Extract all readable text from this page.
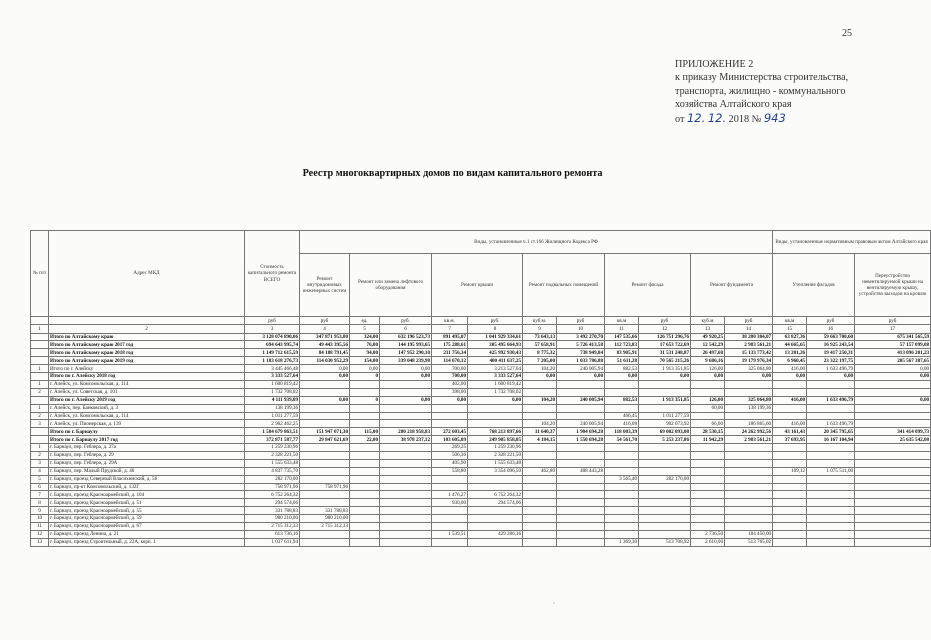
25
ПРИЛОЖЕНИЕ 2
к приказу Министерства строительства,
транспорта, жилищно - коммунального
хозяйства Алтайского края
от 12. 12. 2018 № 943
Реестр многоквартирных домов по видам капитального ремонта
№ п/п	Адрес МКД	Стоимость капитального ремонта ВСЕГО	Виды, установленные ч.1 ст.166 Жилищного Кодекса РФ											Виды, установленные нормативным правовым актом Алтайского края		
			Ремонт внутридомовых инженерных систем	Ремонт или замена лифтового оборудования		Ремонт крыши		Ремонт подвальных помещений		Ремонт фасада		Ремонт фундамента		Утепление фасадов		Переустройство невентилируемой крыши на вентилируемую крышу, устройство выходов на кровлю
		руб	руб	ед.	руб.	кв.м.	руб.	куб.м.	руб	кв.м	руб	куб.м	руб	кв.м	руб	руб
1	2	3	4	5	6	7	8	9	10	11	12	13	14	15	16	17
	Итого по Алтайскому краю	3 128 074 890,06	347 871 953,80	324,00	632 196 523,73	891 495,07	1 041 929 334,61	73 643,13	3 492 270,70	147 535,66	126 751 296,76	49 920,25	38 280 304,07	63 827,36	59 663 700,60	675 341 565,59
	Итого по Алтайскому краю 2017 год	694 643 995,74	49 443 395,56	76,00	144 195 993,65	175 288,61	305 495 664,93	57 658,91	5 726 413,58	112 723,83	17 653 722,69	12 542,29	2 983 561,21	44 665,65	16 925 243,54	57 157 099,08
	Итого по Алтайскому краю 2018 год	1 149 712 615,59	84 188 791,45	94,00	147 952 290,10	211 756,34	425 992 930,43	8 775,32	738 949,84	83 905,91	31 531 248,87	26 497,68	15 133 773,42	13 201,26	19 417 250,31	413 096 201,23
	Итого по Алтайскому краю 2019 год	1 183 618 276,73	114 030 952,29	154,00	339 048 239,98	114 670,12	400 411 637,25	7 205,00	1 033 786,88	51 611,28	70 565 215,26	9 686,16	19 179 976,34	6 960,45	23 322 197,75	205 567 387,65
1	Итого по г. Алейску	3 445 466,48	0,00	0,00	0,00	700,00	3 213 527,64	104,20	240 005,94	882,53	1 913 351,85	126,00	325 064,80	416,00	1 633 496,79	0,00
	Итого по г. Алейску 2018 год	3 333 527,64	0,00	0	0,00	700,00	3 333 527,64	0,00	0,00	0,00	0,00	0,00	0,00	0,00	0,00	0,00
1	г. Алейск, ул. Комсомольская, д. 114	1 600 819,42				402,00	1 600 819,42									
2	г. Алейск, ул. Советская, д. 101	1 732 708,02				398,00	1 732 708,02									
	Итого по г. Алейску 2019 год	4 111 939,09	0,00	0	0,00	0,00	0,00	104,20	240 005,94	882,53	1 913 351,85	126,00	325 064,80	416,00	1 633 496,79	0,00
1	г. Алейск, пер. Банковский, д. 3	138 199,36										60,00	138 199,36			
2	г. Алейск, ул. Комсомольская, д. 114	1 011 277,59								466,45	1 011 277,59					
3	г. Алейск, ул. Пионерская, д. 139	2 962 462,25						104,20	240 005,94	416,08	902 073,92	66,00	186 865,60	416,00	1 633 496,79	
	Итого по г. Барнаулу	1 584 679 863,51	151 947 071,30	115,00	280 218 958,83	272 603,45	768 213 897,66	11 640,37	1 904 694,28	118 003,39	69 002 093,08	28 530,15	24 262 992,56	43 161,43	20 345 795,65	341 414 099,73
	Итого по г. Барнаулу 2017 год	372 871 587,77	29 847 621,69	22,00	38 978 237,12	103 605,09	249 905 858,05	4 184,15	1 550 694,28	54 561,70	5 253 237,86	11 942,29	2 983 561,21	37 693,95	16 167 104,94	25 635 542,08
1	г. Барнаул, пер. Геблера, д. 27а	1 259 230,96				269,25	1 259 230,96									
2	г. Барнаул, пер. Геблера, д. 29	2 328 221,50				506,36	2 328 221,50									
3	г. Барнаул, пер. Геблера, д. 29А	1 555 633,48				405,90	1 555 633,48									
4	г. Барнаул, пер. Малый Прудской, д. 46	4 837 735,70				558,80	3 354 096,50	462,80	408 443,28					109,12	1 075 511,00	
5	г. Барнаул, проезд Северный Власихинский, д. 56	282 170,00								3 565,40	282 170,00					
6	г. Барнаул, пр-кт Комсомольский, д. 132Г	758 971,96	758 971,96													
7	г. Барнаул, проезд Красноармейский, д. 104	6 752 264,32				1 476,27	6 752 264,32									
8	г. Барнаул, проезд Красноармейский, д. 51	294 574,06				930,00	294 574,06									
9	г. Барнаул, проезд Красноармейский, д. 55	331 788,83	331 788,83													
10	г. Барнаул, проезд Красноармейский, д. 59	980 210,00	980 210,00													
11	г. Барнаул, проезд Красноармейский, д. 67	2 715 312,33	2 715 312,33													
12	г. Барнаул, проезд Ленина, д. 21	613 736,16				1 539,51	429 286,16					2 736,50	184 450,00			
13	г. Барнаул, проезд Строительный, д. 22А, корп. 1	1 037 611,94								1 369,30	513 708,92	2 610,00	513 765,02			
‘
